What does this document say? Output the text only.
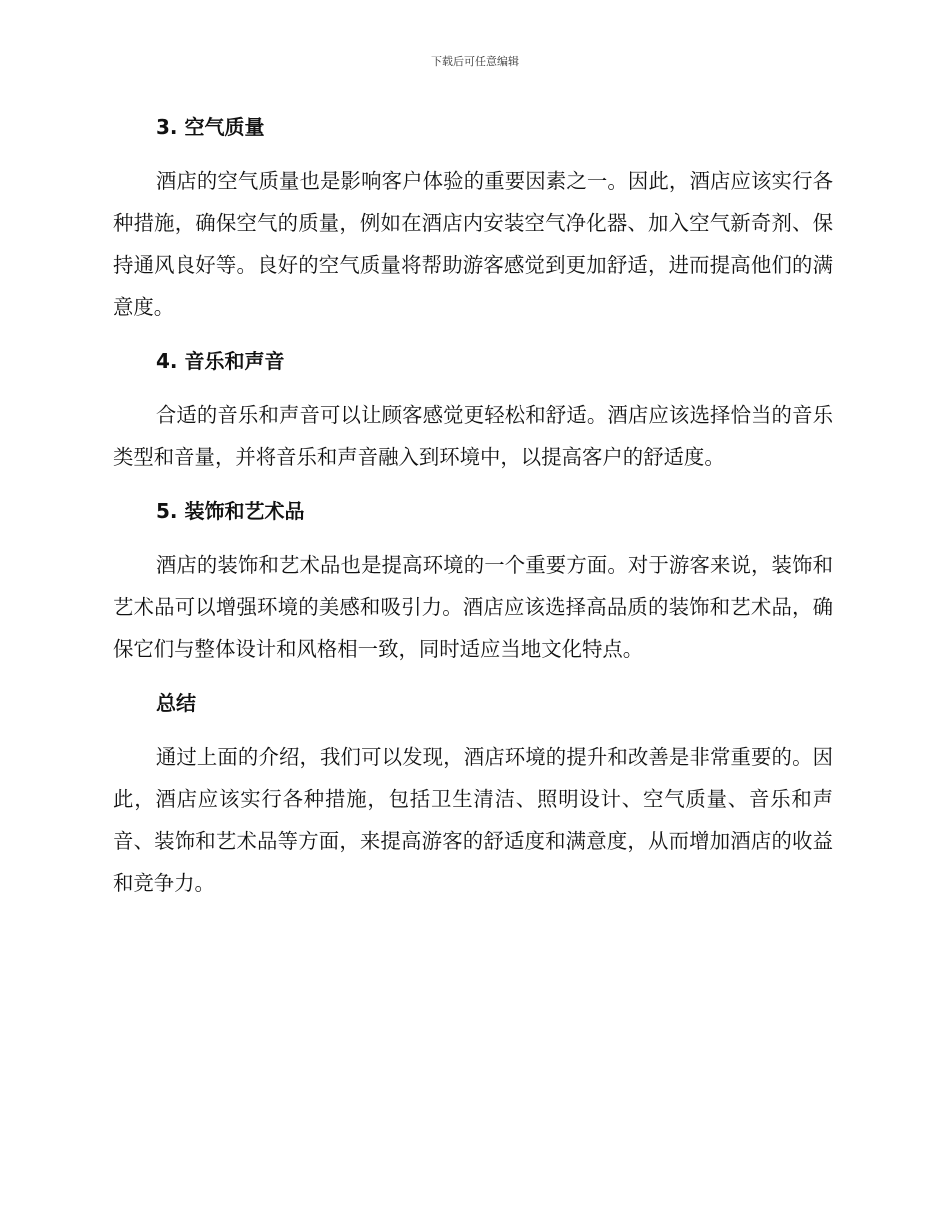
下载后可任意编辑
3. 空气质量

酒店的空气质量也是影响客户体验的重要因素之一。因此，酒店应该实行各种措施，确保空气的质量，例如在酒店内安装空气净化器、加入空气新奇剂、保持通风良好等。良好的空气质量将帮助游客感觉到更加舒适，进而提高他们的满意度。

4. 音乐和声音

合适的音乐和声音可以让顾客感觉更轻松和舒适。酒店应该选择恰当的音乐类型和音量，并将音乐和声音融入到环境中，以提高客户的舒适度。

5. 装饰和艺术品

酒店的装饰和艺术品也是提高环境的一个重要方面。对于游客来说，装饰和艺术品可以增强环境的美感和吸引力。酒店应该选择高品质的装饰和艺术品，确保它们与整体设计和风格相一致，同时适应当地文化特点。

总结

通过上面的介绍，我们可以发现，酒店环境的提升和改善是非常重要的。因此，酒店应该实行各种措施，包括卫生清洁、照明设计、空气质量、音乐和声音、装饰和艺术品等方面，来提高游客的舒适度和满意度，从而增加酒店的收益和竞争力。
